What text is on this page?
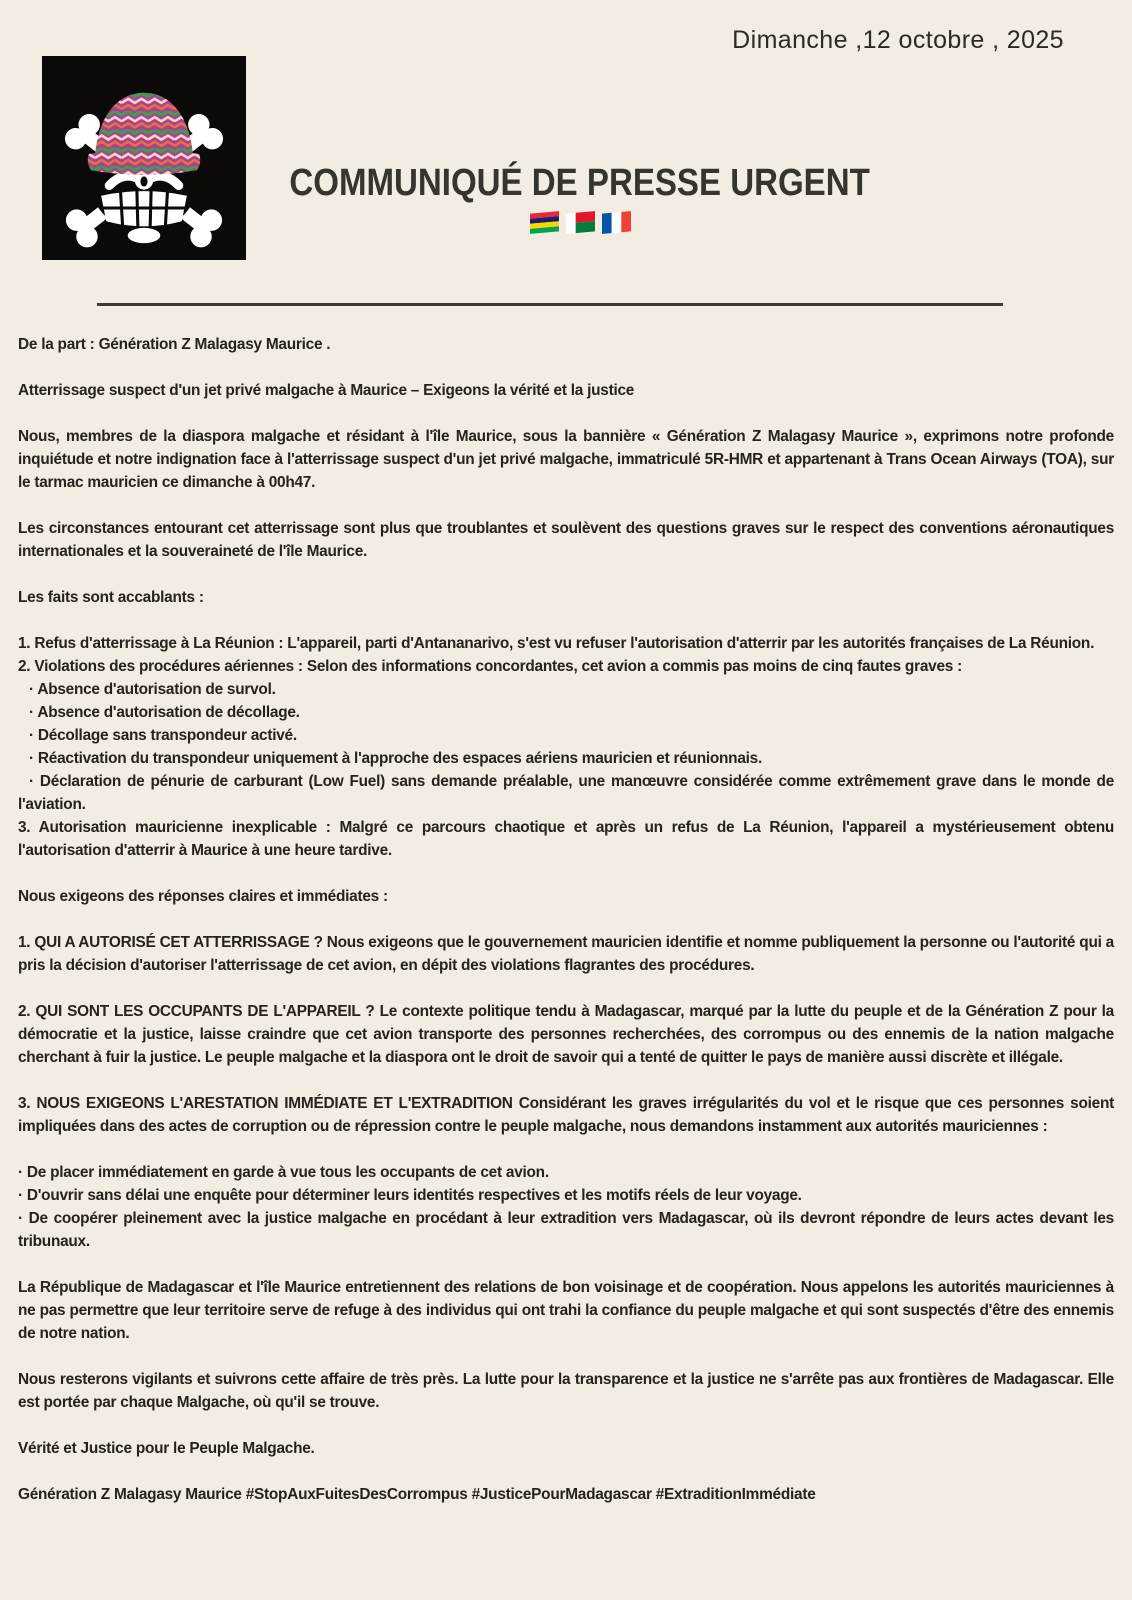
Dimanche ,12 octobre , 2025
COMMUNIQUÉ DE PRESSE URGENT

De la part : Génération Z Malagasy Maurice .

Atterrissage suspect d'un jet privé malgache à Maurice – Exigeons la vérité et la justice

Nous, membres de la diaspora malgache et résidant à l'île Maurice, sous la bannière « Génération Z Malagasy Maurice », exprimons notre profonde inquiétude et notre indignation face à l'atterrissage suspect d'un jet privé malgache, immatriculé 5R-HMR et appartenant à Trans Ocean Airways (TOA), sur le tarmac mauricien ce dimanche à 00h47.

Les circonstances entourant cet atterrissage sont plus que troublantes et soulèvent des questions graves sur le respect des conventions aéronautiques internationales et la souveraineté de l'île Maurice.

Les faits sont accablants :

1. Refus d'atterrissage à La Réunion : L'appareil, parti d'Antananarivo, s'est vu refuser l'autorisation d'atterrir par les autorités françaises de La Réunion.

2. Violations des procédures aériennes : Selon des informations concordantes, cet avion a commis pas moins de cinq fautes graves :

· Absence d'autorisation de survol.

· Absence d'autorisation de décollage.

· Décollage sans transpondeur activé.

· Réactivation du transpondeur uniquement à l'approche des espaces aériens mauricien et réunionnais.

· Déclaration de pénurie de carburant (Low Fuel) sans demande préalable, une manœuvre considérée comme extrêmement grave dans le monde de l'aviation.

3. Autorisation mauricienne inexplicable : Malgré ce parcours chaotique et après un refus de La Réunion, l'appareil a mystérieusement obtenu l'autorisation d'atterrir à Maurice à une heure tardive.

Nous exigeons des réponses claires et immédiates :

1. QUI A AUTORISÉ CET ATTERRISSAGE ? Nous exigeons que le gouvernement mauricien identifie et nomme publiquement la personne ou l'autorité qui a pris la décision d'autoriser l'atterrissage de cet avion, en dépit des violations flagrantes des procédures.

2. QUI SONT LES OCCUPANTS DE L'APPAREIL ? Le contexte politique tendu à Madagascar, marqué par la lutte du peuple et de la Génération Z pour la démocratie et la justice, laisse craindre que cet avion transporte des personnes recherchées, des corrompus ou des ennemis de la nation malgache cherchant à fuir la justice. Le peuple malgache et la diaspora ont le droit de savoir qui a tenté de quitter le pays de manière aussi discrète et illégale.

3. NOUS EXIGEONS L'ARESTATION IMMÉDIATE ET L'EXTRADITION Considérant les graves irrégularités du vol et le risque que ces personnes soient impliquées dans des actes de corruption ou de répression contre le peuple malgache, nous demandons instamment aux autorités mauriciennes :

· De placer immédiatement en garde à vue tous les occupants de cet avion.

· D'ouvrir sans délai une enquête pour déterminer leurs identités respectives et les motifs réels de leur voyage.

· De coopérer pleinement avec la justice malgache en procédant à leur extradition vers Madagascar, où ils devront répondre de leurs actes devant les tribunaux.

La République de Madagascar et l'île Maurice entretiennent des relations de bon voisinage et de coopération. Nous appelons les autorités mauriciennes à ne pas permettre que leur territoire serve de refuge à des individus qui ont trahi la confiance du peuple malgache et qui sont suspectés d'être des ennemis de notre nation.

Nous resterons vigilants et suivrons cette affaire de très près. La lutte pour la transparence et la justice ne s'arrête pas aux frontières de Madagascar. Elle est portée par chaque Malgache, où qu'il se trouve.

Vérité et Justice pour le Peuple Malgache.

Génération Z Malagasy Maurice #StopAuxFuitesDesCorrompus #JusticePourMadagascar #ExtraditionImmédiate
